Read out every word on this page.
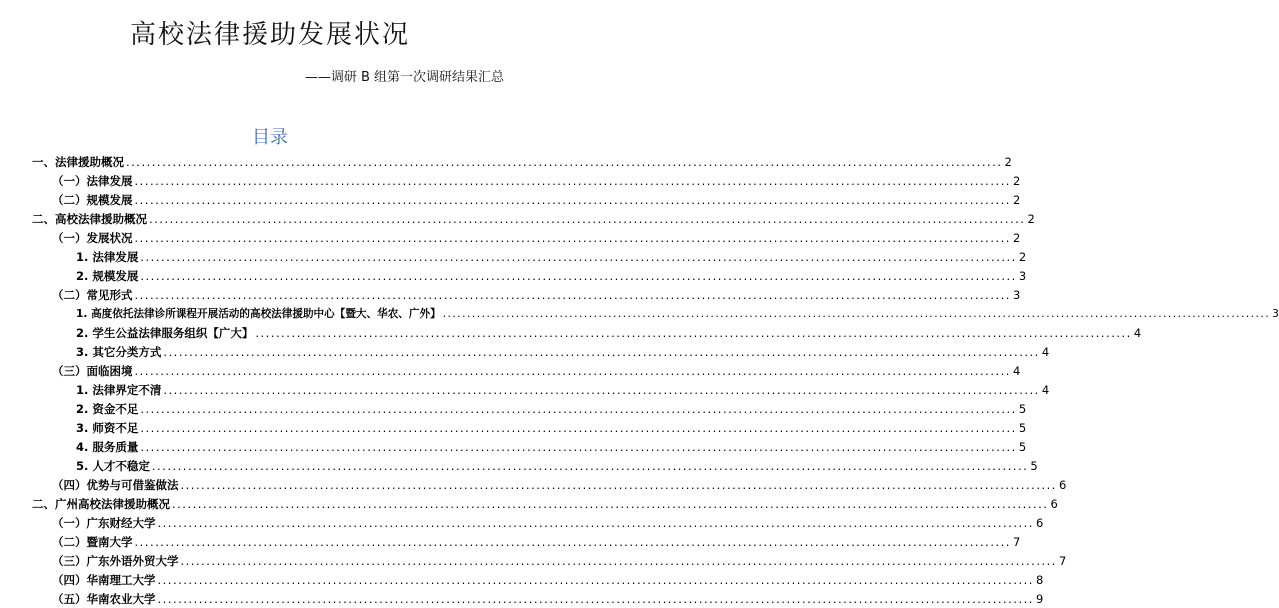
高校法律援助发展状况
——调研 B 组第一次调研结果汇总
目录
一、法律援助概况 .......................................................................................................................................................................... 2
（一）法律发展 .......................................................................................................................................................................... 2
（二）规模发展 .......................................................................................................................................................................... 2
二、高校法律援助概况 .......................................................................................................................................................................... 2
（一）发展状况 .......................................................................................................................................................................... 2
1. 法律发展 .......................................................................................................................................................................... 2
2. 规模发展 .......................................................................................................................................................................... 3
（二）常见形式 .......................................................................................................................................................................... 3
1. 高度依托法律诊所课程开展活动的高校法律援助中心【暨大、华农、广外】 .......................................................................................................................................................................... 3
2. 学生公益法律服务组织【广大】 .......................................................................................................................................................................... 4
3. 其它分类方式 .......................................................................................................................................................................... 4
（三）面临困境 .......................................................................................................................................................................... 4
1. 法律界定不清 .......................................................................................................................................................................... 4
2. 资金不足 .......................................................................................................................................................................... 5
3. 师资不足 .......................................................................................................................................................................... 5
4. 服务质量 .......................................................................................................................................................................... 5
5. 人才不稳定 .......................................................................................................................................................................... 5
（四）优势与可借鉴做法 .......................................................................................................................................................................... 6
二、广州高校法律援助概况 .......................................................................................................................................................................... 6
（一）广东财经大学 .......................................................................................................................................................................... 6
（二）暨南大学 .......................................................................................................................................................................... 7
（三）广东外语外贸大学 .......................................................................................................................................................................... 7
（四）华南理工大学 .......................................................................................................................................................................... 8
（五）华南农业大学 .......................................................................................................................................................................... 9
